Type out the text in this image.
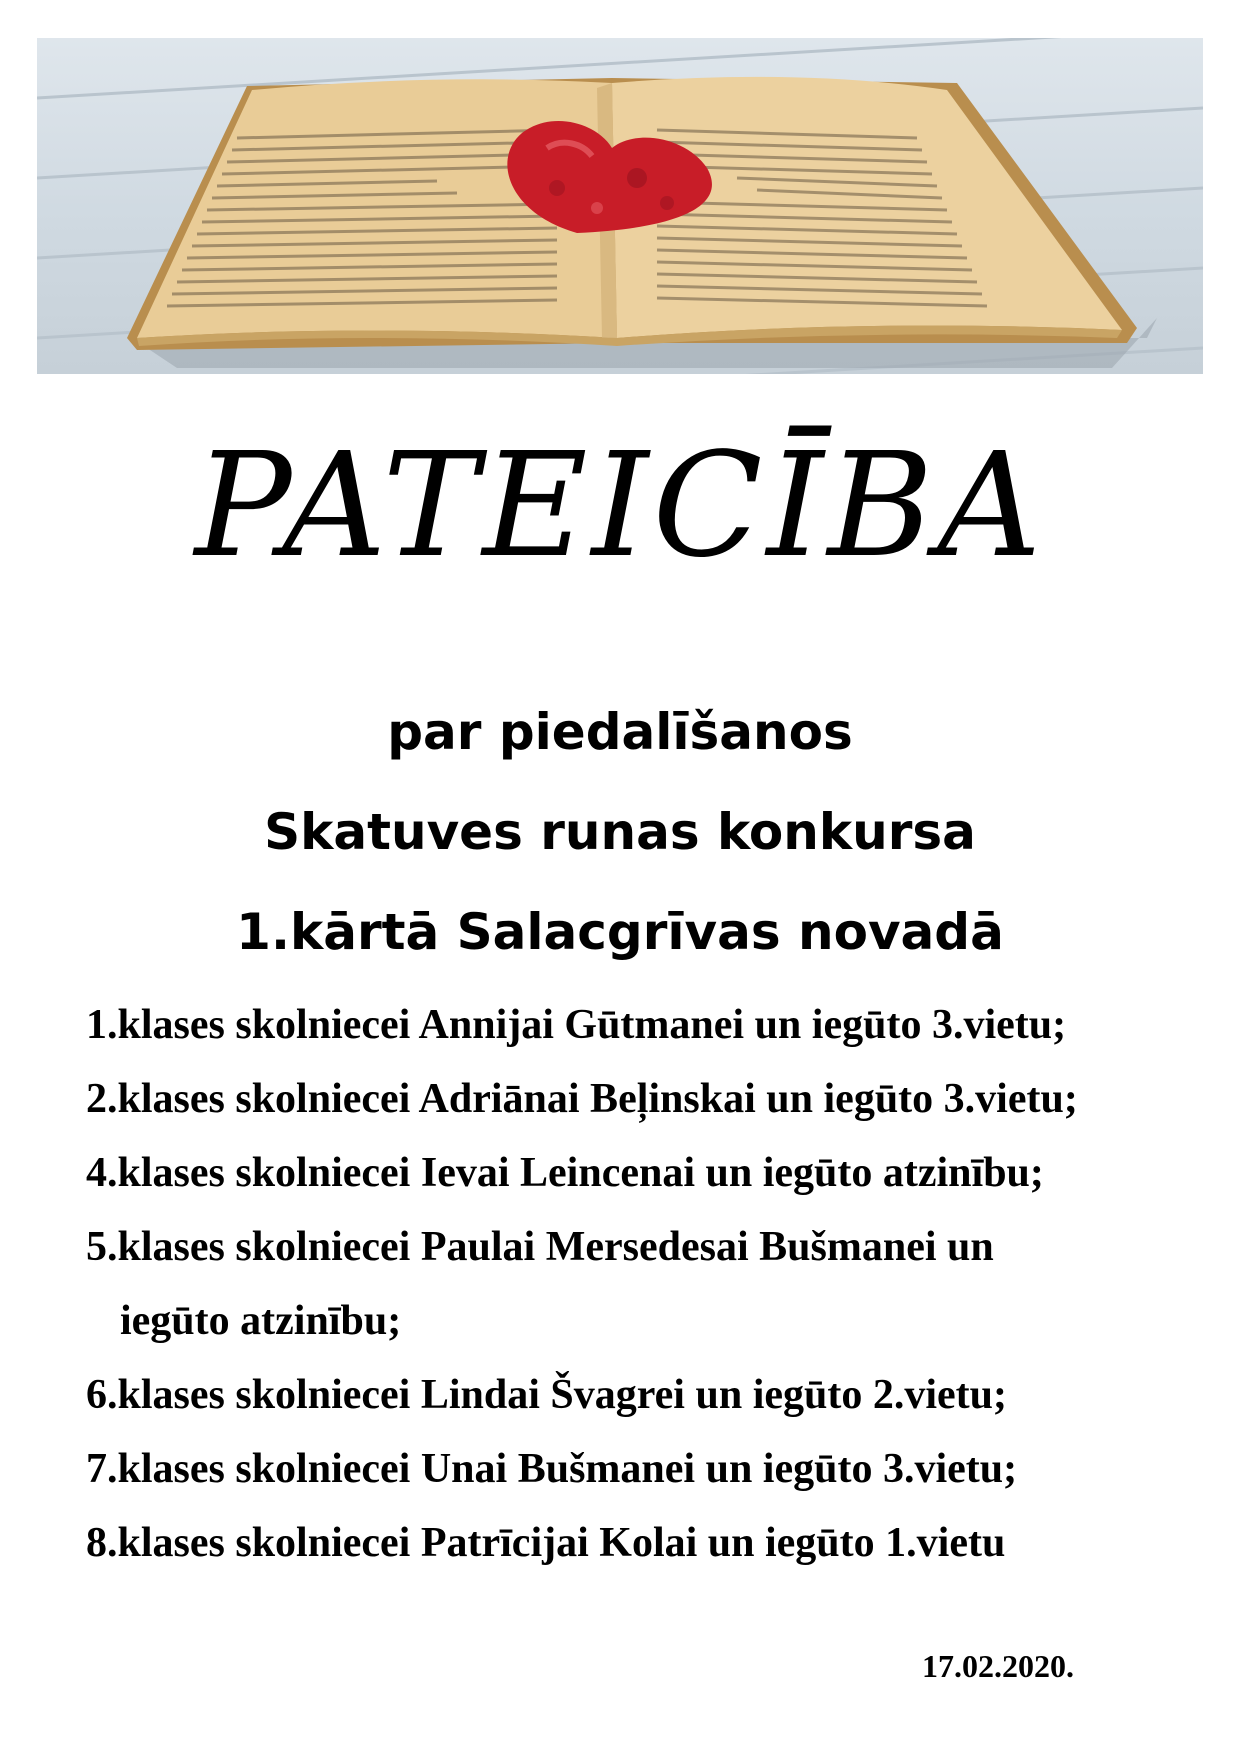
PATEICĪBA
par piedalīšanos
Skatuves runas konkursa
1.kārtā Salacgrīvas novadā
1.klases skolniecei Annijai Gūtmanei un iegūto 3.vietu;
2.klases skolniecei Adriānai Beļinskai un iegūto 3.vietu;
4.klases skolniecei Ievai Leincenai un iegūto atzinību;
5.klases skolniecei Paulai Mersedesai Bušmanei un
iegūto atzinību;
6.klases skolniecei Lindai Švagrei un iegūto 2.vietu;
7.klases skolniecei Unai Bušmanei un iegūto 3.vietu;
8.klases skolniecei Patrīcijai Kolai un iegūto 1.vietu
17.02.2020.
